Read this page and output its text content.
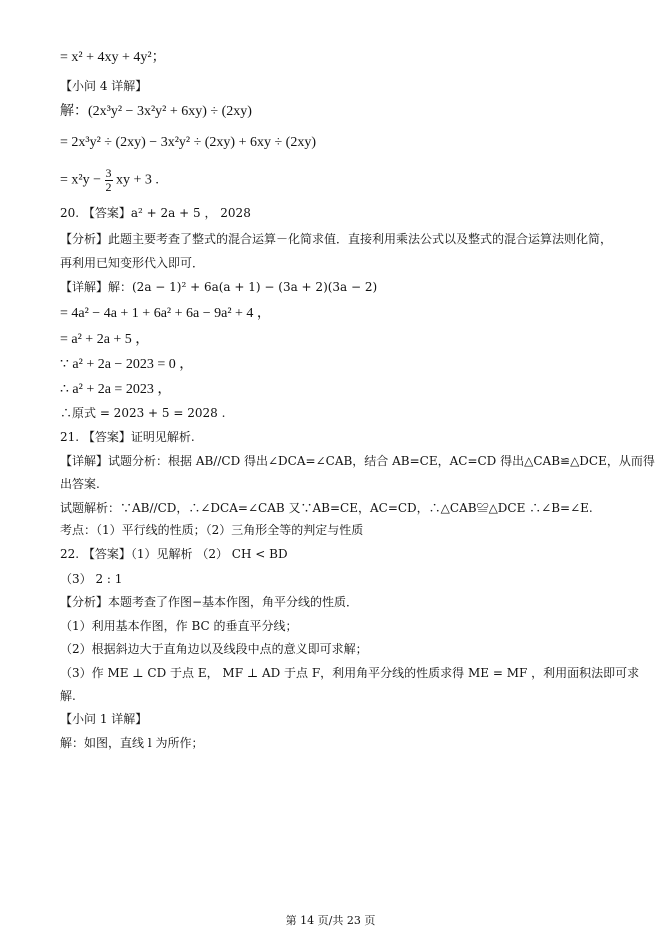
= x² + 4xy + 4y²；
【小问 4 详解】
解：(2x³y² − 3x²y² + 6xy) ÷ (2xy)
= 2x³y² ÷ (2xy) − 3x²y² ÷ (2xy) + 6xy ÷ (2xy)
= $x^2y - \frac{3}{2}$ xy + 3 .
20. 【答案】a² + 2a + 5 ， 2028
【分析】此题主要考查了整式的混合运算－化简求值．直接利用乘法公式以及整式的混合运算法则化简，
再利用已知变形代入即可．
【详解】解：(2a − 1)² + 6a(a + 1) − (3a + 2)(3a − 2)
= 4a² − 4a + 1 + 6a² + 6a − 9a² + 4 ，
= a² + 2a + 5 ，
∵ a² + 2a − 2023 = 0 ，
∴ a² + 2a = 2023 ，
∴原式 = 2023 + 5 = 2028 .
21. 【答案】证明见解析.
【详解】试题分析：根据 AB//CD 得出∠DCA=∠CAB，结合 AB=CE，AC=CD 得出△CAB≌△DCE，从而得
出答案.
试题解析：∵AB//CD，∴∠DCA=∠CAB 又∵AB=CE，AC=CD，∴△CAB≌△DCE ∴∠B=∠E.
考点：（1）平行线的性质；（2）三角形全等的判定与性质
22. 【答案】（1）见解析 （2） CH < BD
（3） 2 : 1
【分析】本题考查了作图−基本作图，角平分线的性质．
（1）利用基本作图，作 BC 的垂直平分线；
（2）根据斜边大于直角边以及线段中点的意义即可求解；
（3）作 ME ⊥ CD 于点 E， MF ⊥ AD 于点 F，利用角平分线的性质求得 ME = MF ，利用面积法即可求
解.
【小问 1 详解】
解：如图，直线 l 为所作；
第 14 页/共 23 页
